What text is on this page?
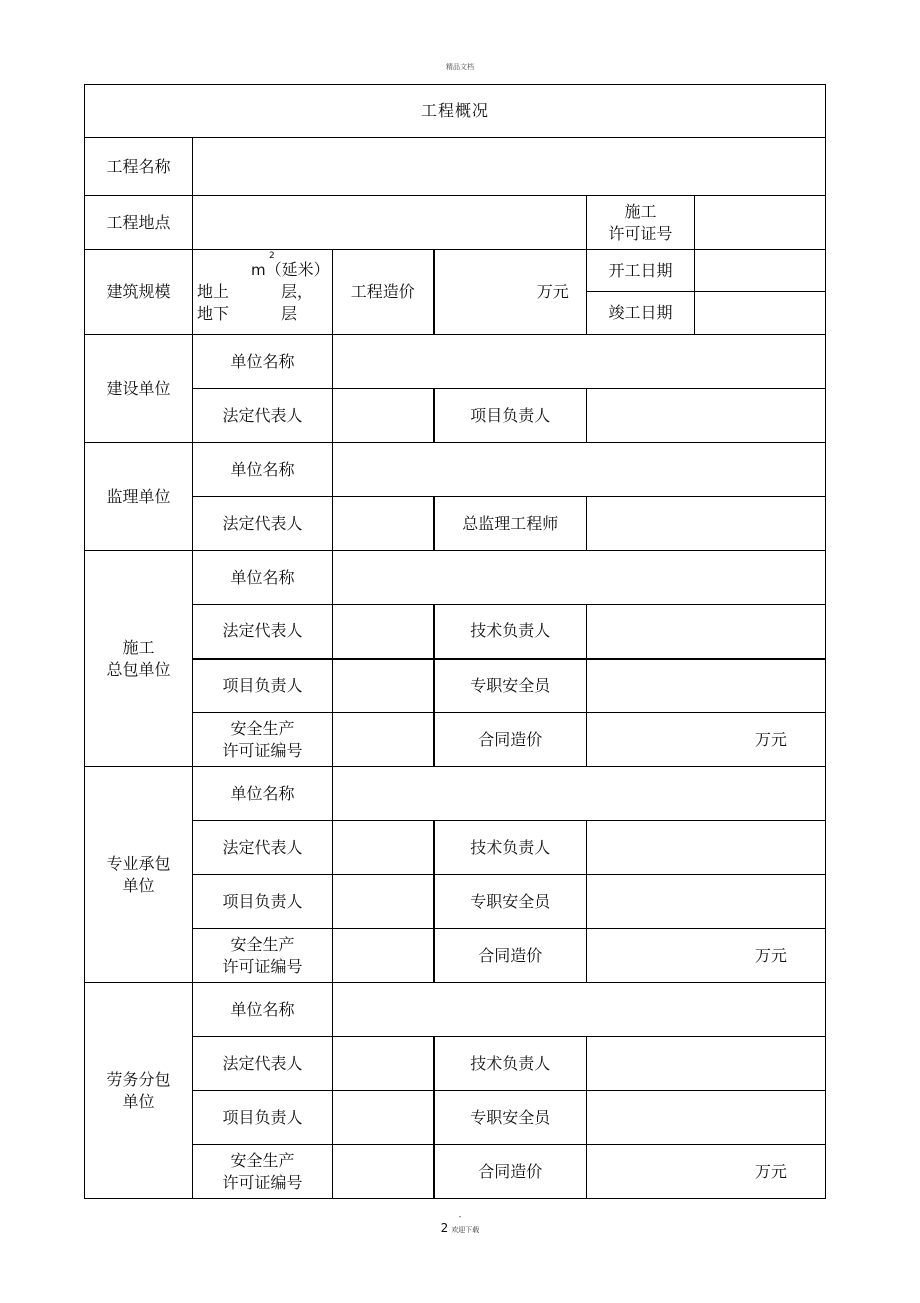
精品文档
工程概况					
工程名称					
工程地点				施工
许可证号	

建筑规模	2
m（延米）
地上 层，
地下 层	工程造价	万元	开工日期	
				竣工日期	
建设单位	单位名称				
	法定代表人		项目负责人		
监理单位	单位名称				
	法定代表人		总监理工程师		

施工
总包单位	单位名称				
	法定代表人		技术负责人		
	项目负责人		专职安全员		

	安全生产
许可证编号		合同造价	万元	

专业承包
单位	单位名称				
	法定代表人		技术负责人		
	项目负责人		专职安全员		

	安全生产
许可证编号		合同造价	万元	

劳务分包
单位	单位名称				
	法定代表人		技术负责人		
	项目负责人		专职安全员		

	安全生产
许可证编号		合同造价	万元	
-
2 欢迎下载
